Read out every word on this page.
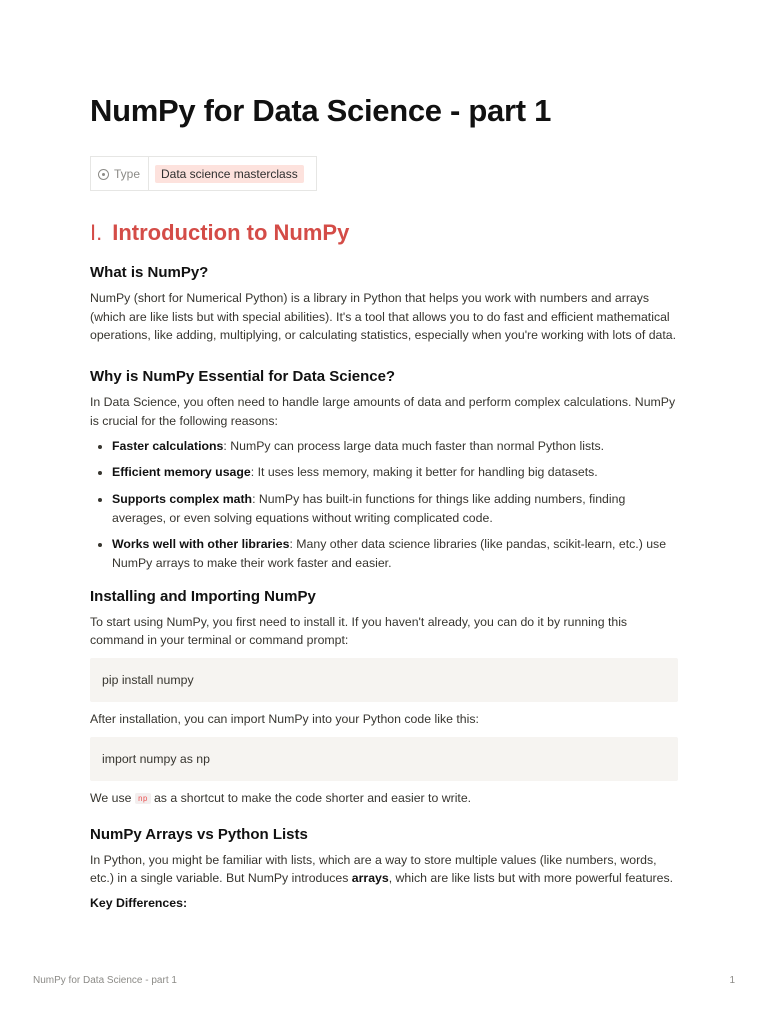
NumPy for Data Science - part 1
Type	Data science masterclass
I. Introduction to NumPy
What is NumPy?

NumPy (short for Numerical Python) is a library in Python that helps you work with numbers and arrays (which are like lists but with special abilities). It's a tool that allows you to do fast and efficient mathematical operations, like adding, multiplying, or calculating statistics, especially when you're working with lots of data.

Why is NumPy Essential for Data Science?

In Data Science, you often need to handle large amounts of data and perform complex calculations. NumPy is crucial for the following reasons:

• Faster calculations: NumPy can process large data much faster than normal Python lists.
• Efficient memory usage: It uses less memory, making it better for handling big datasets.
• Supports complex math: NumPy has built-in functions for things like adding numbers, finding averages, or even solving equations without writing complicated code.
• Works well with other libraries: Many other data science libraries (like pandas, scikit-learn, etc.) use NumPy arrays to make their work faster and easier.
Installing and Importing NumPy

To start using NumPy, you first need to install it. If you haven't already, you can do it by running this command in your terminal or command prompt:

pip install numpy

After installation, you can import NumPy into your Python code like this:

import numpy as np

We use np as a shortcut to make the code shorter and easier to write.

NumPy Arrays vs Python Lists

In Python, you might be familiar with lists, which are a way to store multiple values (like numbers, words, etc.) in a single variable. But NumPy introduces arrays, which are like lists but with more powerful features.

Key Differences:

NumPy for Data Science - part 1	1
